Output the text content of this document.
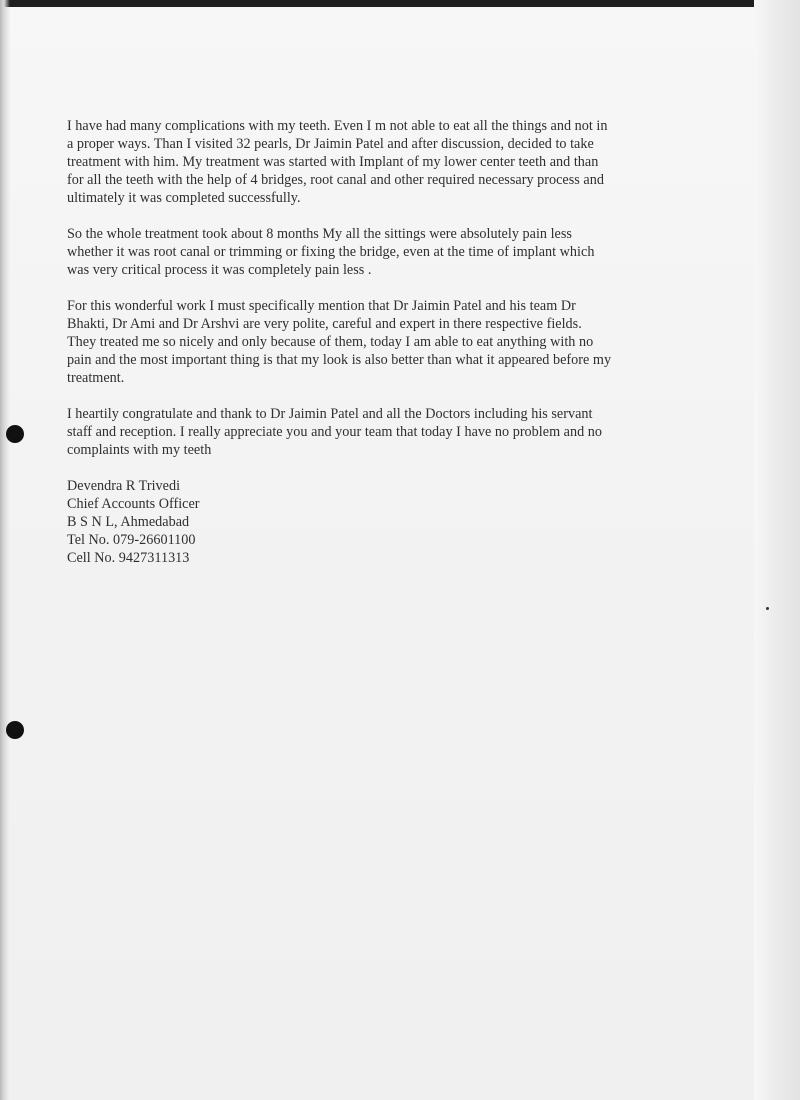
I have had many complications with my teeth. Even I m not able to eat all the things and not in
a proper ways. Than I visited 32 pearls, Dr Jaimin Patel and after discussion, decided to take
treatment with him. My treatment was started with Implant of my lower center teeth and than
for all the teeth with the help of 4 bridges, root canal and other required necessary process and
ultimately it was completed successfully.

So the whole treatment took about 8 months My all the sittings were absolutely pain less
whether it was root canal or trimming or fixing the bridge, even at the time of implant which
was very critical process it was completely pain less .

For this wonderful work I must specifically mention that Dr Jaimin Patel and his team Dr
Bhakti, Dr Ami and Dr Arshvi are very polite, careful and expert in there respective fields.
They treated me so nicely and only because of them, today I am able to eat anything with no
pain and the most important thing is that my look is also better than what it appeared before my
treatment.

I heartily congratulate and thank to Dr Jaimin Patel and all the Doctors including his servant
staff and reception. I really appreciate you and your team that today I have no problem and no
complaints with my teeth

Devendra R Trivedi
Chief Accounts Officer
B S N L, Ahmedabad
Tel No. 079-26601100
Cell No. 9427311313
